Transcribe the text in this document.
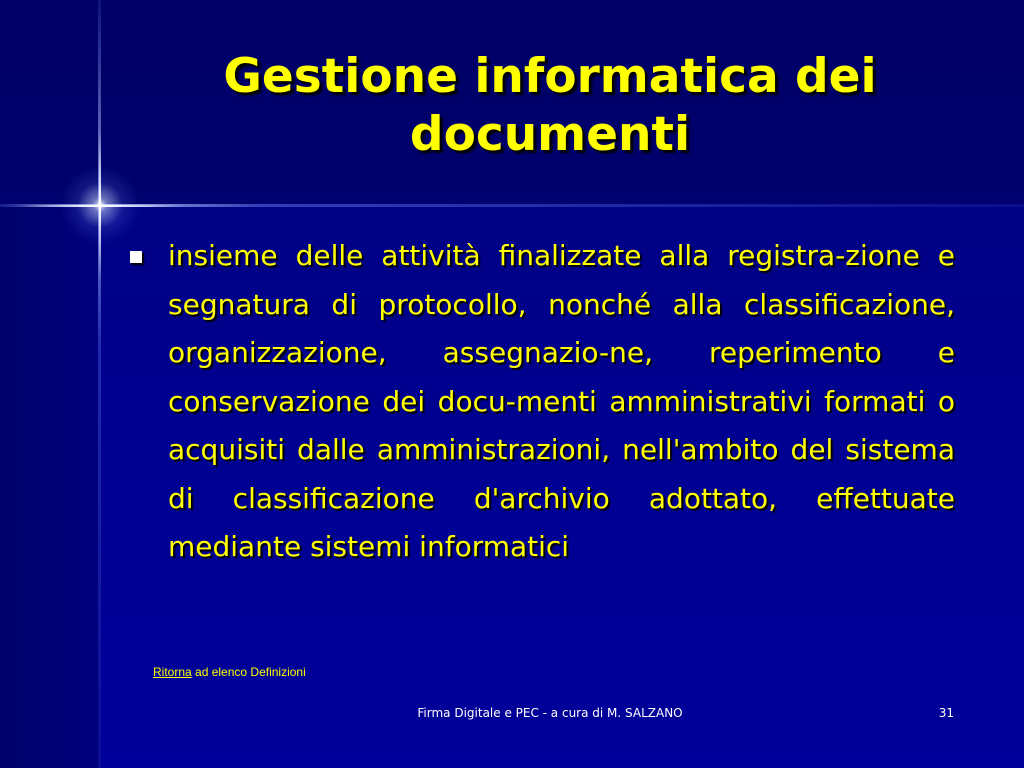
Gestione informatica dei
documenti
insieme delle attività finalizzate alla registra-zione e segnatura di protocollo, nonché alla classificazione, organizzazione, assegnazio-ne, reperimento e conservazione dei docu-menti amministrativi formati o acquisiti dalle amministrazioni, nell'ambito del sistema di classificazione d'archivio adottato, effettuate mediante sistemi informatici
Ritorna ad elenco Definizioni
Firma Digitale e PEC - a cura di M. SALZANO	31
